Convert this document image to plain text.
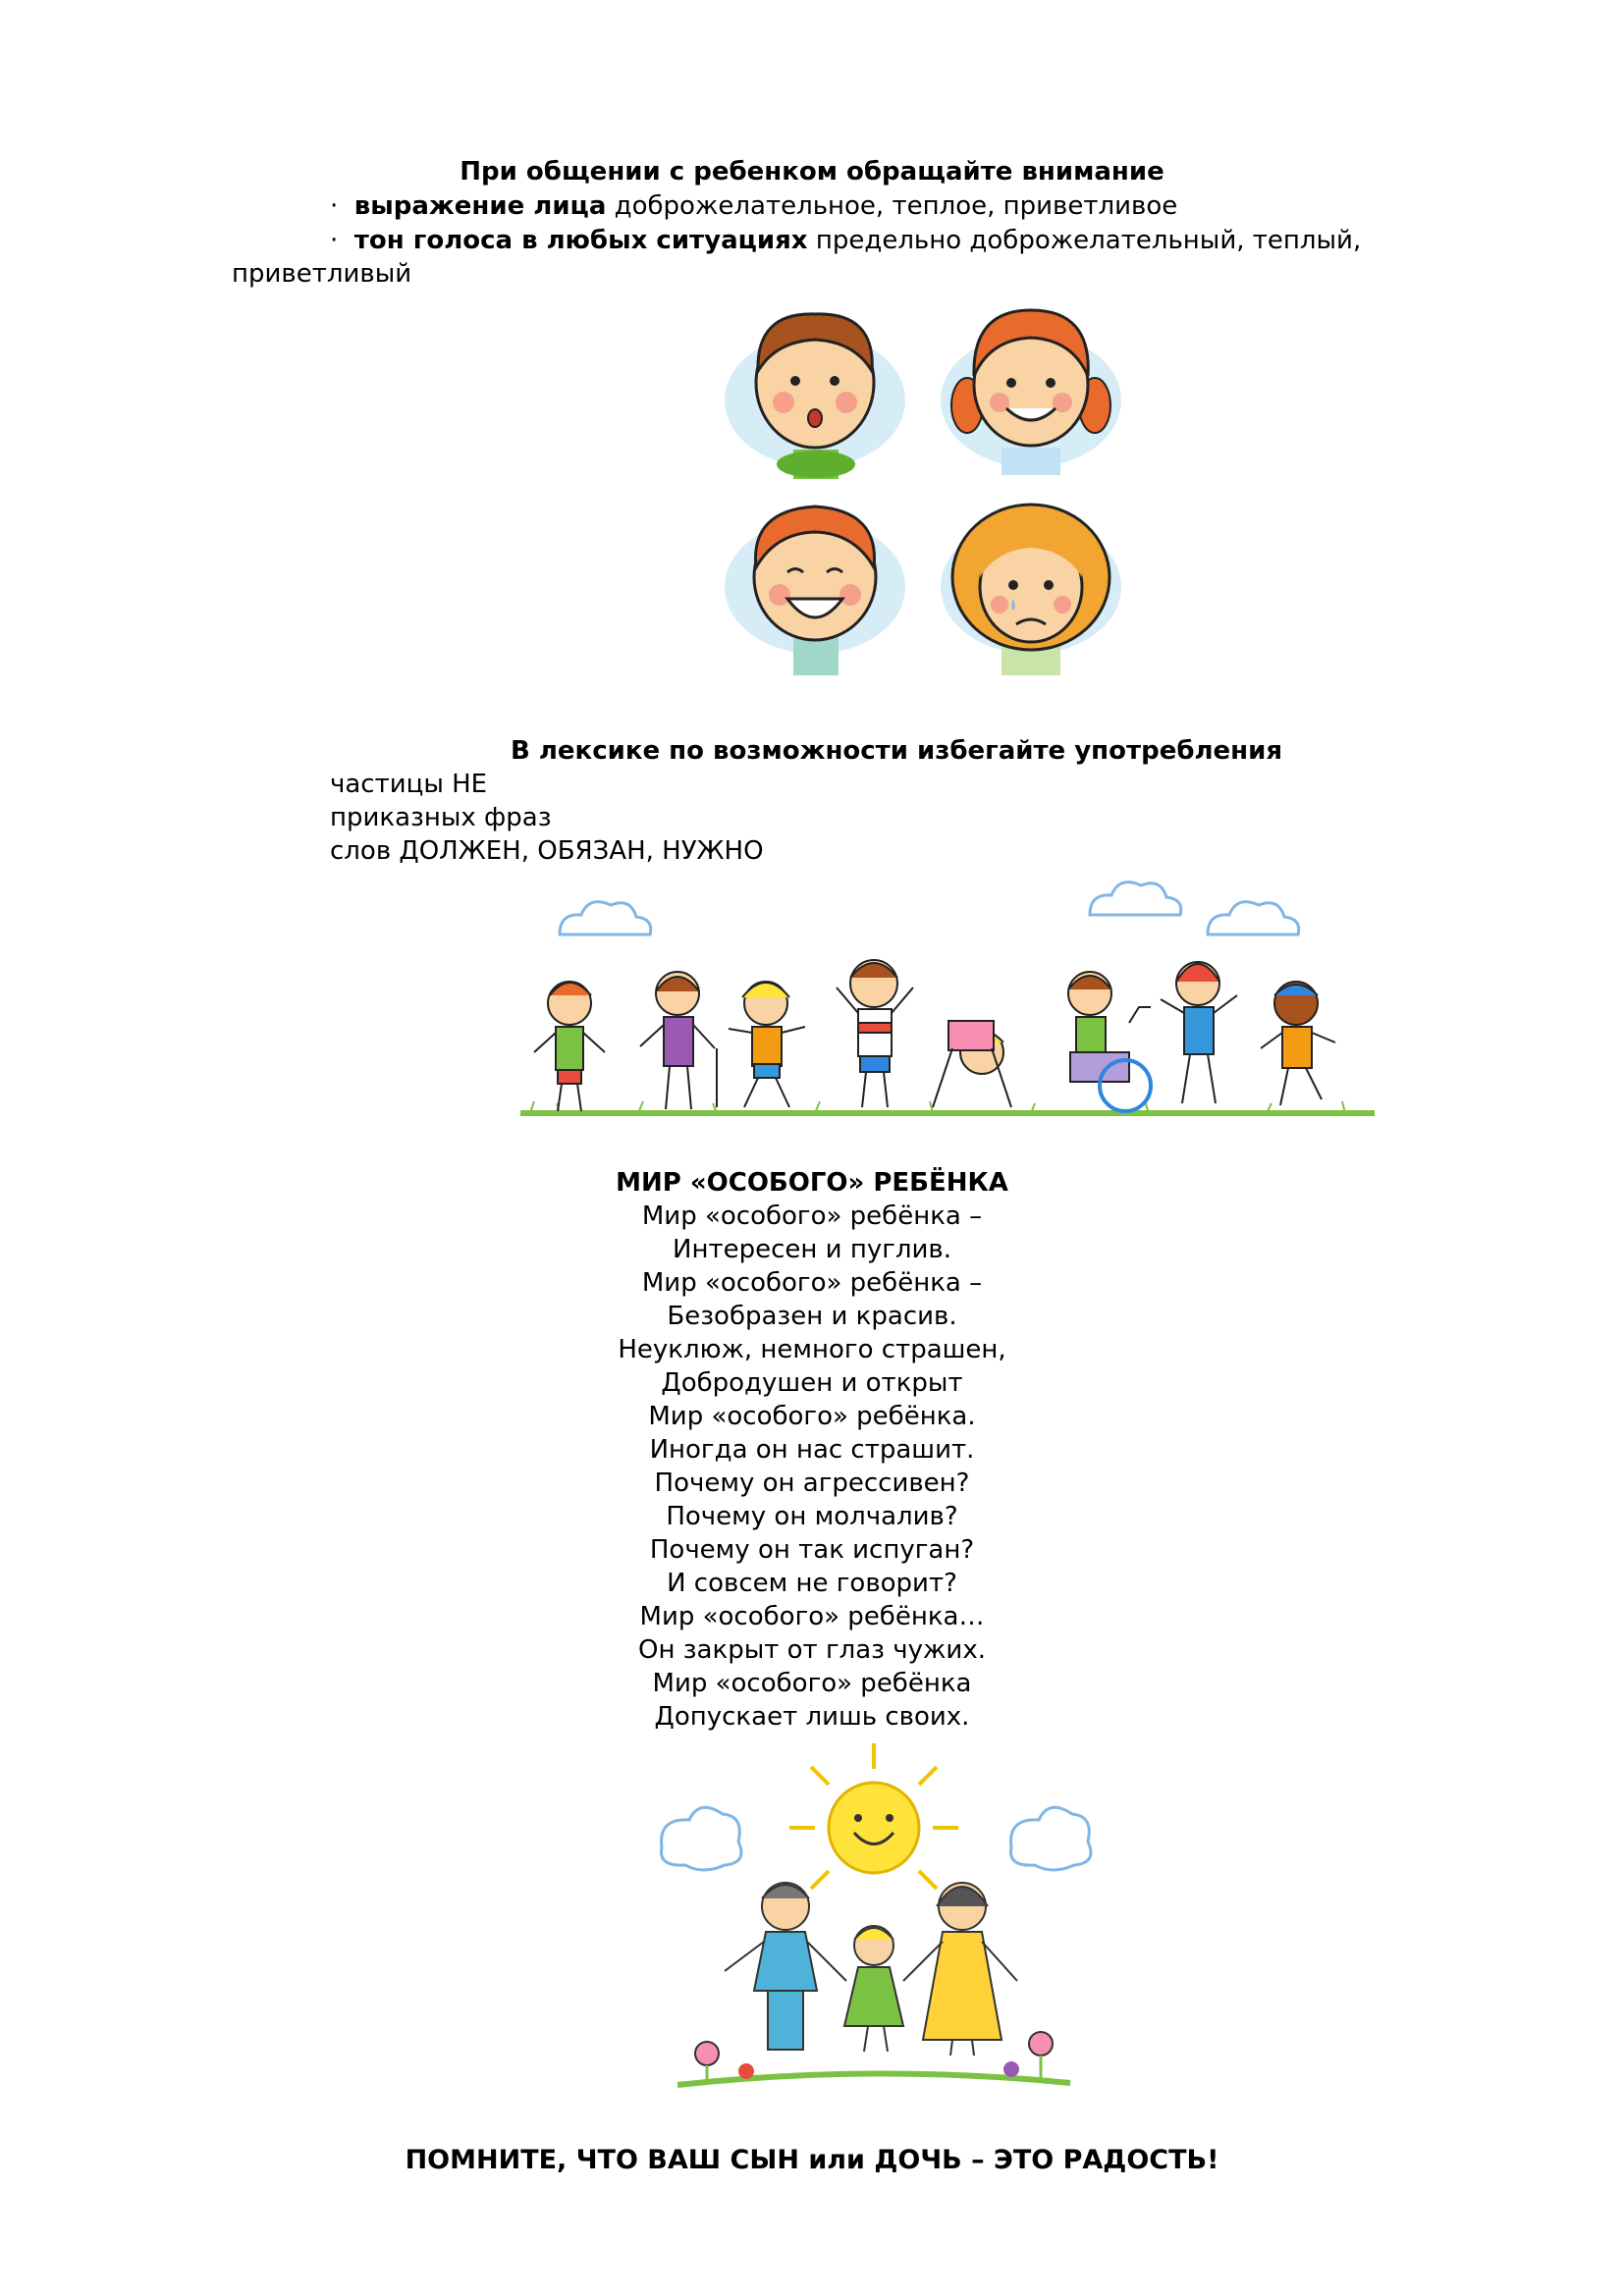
При общении с ребенком обращайте внимание
· выражение лица доброжелательное, теплое, приветливое
· тон голоса в любых ситуациях предельно доброжелательный, теплый,
приветливый
В лексике по возможности избегайте употребления
частицы НЕ
приказных фраз
слов ДОЛЖЕН, ОБЯЗАН, НУЖНО
МИР «ОСОБОГО» РЕБЁНКА
Мир «особого» ребёнка –
Интересен и пуглив.
Мир «особого» ребёнка –
Безобразен и красив.
Неуклюж, немного страшен,
Добродушен и открыт
Мир «особого» ребёнка.
Иногда он нас страшит.
Почему он агрессивен?
Почему он молчалив?
Почему он так испуган?
И совсем не говорит?
Мир «особого» ребёнка…
Он закрыт от глаз чужих.
Мир «особого» ребёнка
Допускает лишь своих.
ПОМНИТЕ, ЧТО ВАШ СЫН или ДОЧЬ – ЭТО РАДОСТЬ!
